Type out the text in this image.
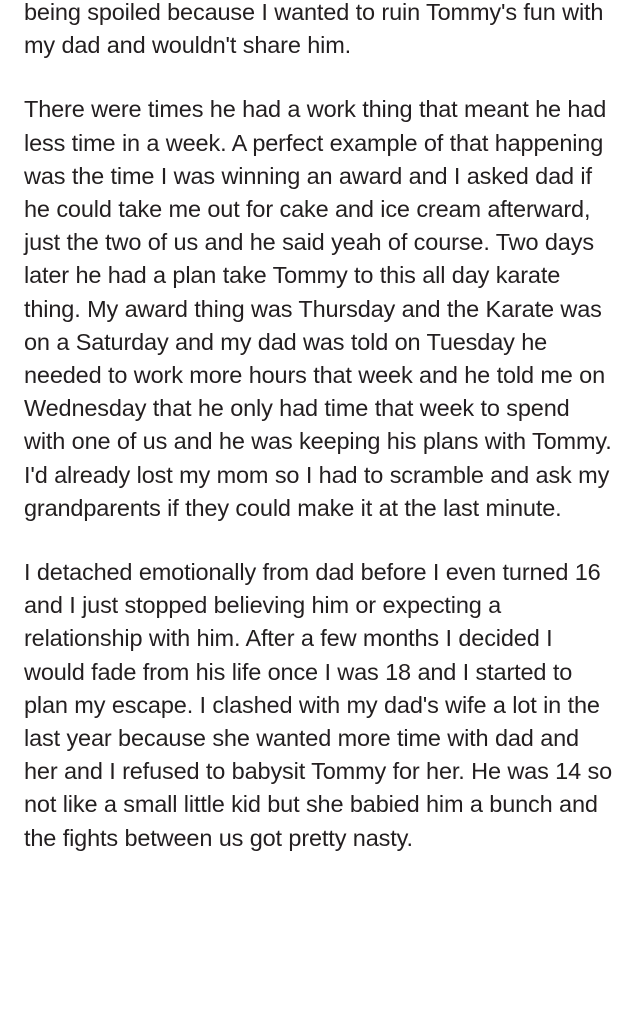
being spoiled because I wanted to ruin Tommy's fun with my dad and wouldn't share him.

There were times he had a work thing that meant he had less time in a week. A perfect example of that happening was the time I was winning an award and I asked dad if he could take me out for cake and ice cream afterward, just the two of us and he said yeah of course. Two days later he had a plan take Tommy to this all day karate thing. My award thing was Thursday and the Karate was on a Saturday and my dad was told on Tuesday he needed to work more hours that week and he told me on Wednesday that he only had time that week to spend with one of us and he was keeping his plans with Tommy. I'd already lost my mom so I had to scramble and ask my grandparents if they could make it at the last minute.

I detached emotionally from dad before I even turned 16 and I just stopped believing him or expecting a relationship with him. After a few months I decided I would fade from his life once I was 18 and I started to plan my escape. I clashed with my dad's wife a lot in the last year because she wanted more time with dad and her and I refused to babysit Tommy for her. He was 14 so not like a small little kid but she babied him a bunch and the fights between us got pretty nasty.
